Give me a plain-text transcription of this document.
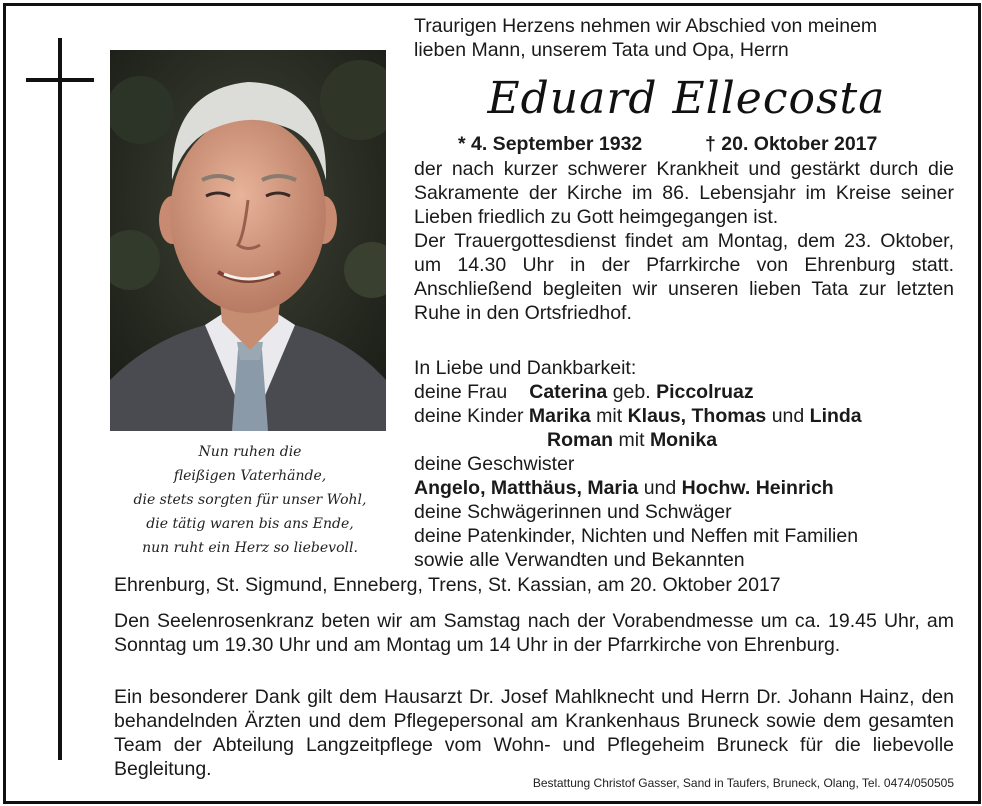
Nun ruhen die
fleißigen Vaterhände,
die stets sorgten für unser Wohl,
die tätig waren bis ans Ende,
nun ruht ein Herz so liebevoll.
Traurigen Herzens nehmen wir Abschied von meinem
lieben Mann, unserem Tata und Opa, Herrn
Eduard Ellecosta
* 4. September 1932	† 20. Oktober 2017

der nach kurzer schwerer Krankheit und gestärkt durch die Sakramente der Kirche im 86. Lebensjahr im Kreise seiner Lieben friedlich zu Gott heimgegangen ist.

Der Trauergottesdienst findet am Montag, dem 23. Oktober, um 14.30 Uhr in der Pfarrkirche von Ehrenburg statt. Anschließend begleiten wir unseren lieben Tata zur letzten Ruhe in den Ortsfriedhof.

In Liebe und Dankbarkeit:
deine Frau Caterina geb. Piccolruaz
deine Kinder Marika mit Klaus, Thomas und Linda
Roman mit Monika
deine Geschwister
Angelo, Matthäus, Maria und Hochw. Heinrich
deine Schwägerinnen und Schwäger
deine Patenkinder, Nichten und Neffen mit Familien
sowie alle Verwandten und Bekannten
Ehrenburg, St. Sigmund, Enneberg, Trens, St. Kassian, am 20. Oktober 2017
Den Seelenrosenkranz beten wir am Samstag nach der Vorabendmesse um ca. 19.45 Uhr, am Sonntag um 19.30 Uhr und am Montag um 14 Uhr in der Pfarrkirche von Ehrenburg.
Ein besonderer Dank gilt dem Hausarzt Dr. Josef Mahlknecht und Herrn Dr. Johann Hainz, den behandelnden Ärzten und dem Pflegepersonal am Krankenhaus Bruneck sowie dem gesamten Team der Abteilung Langzeitpflege vom Wohn- und Pflegeheim Bruneck für die liebevolle Begleitung.
Bestattung Christof Gasser, Sand in Taufers, Bruneck, Olang, Tel. 0474/050505
